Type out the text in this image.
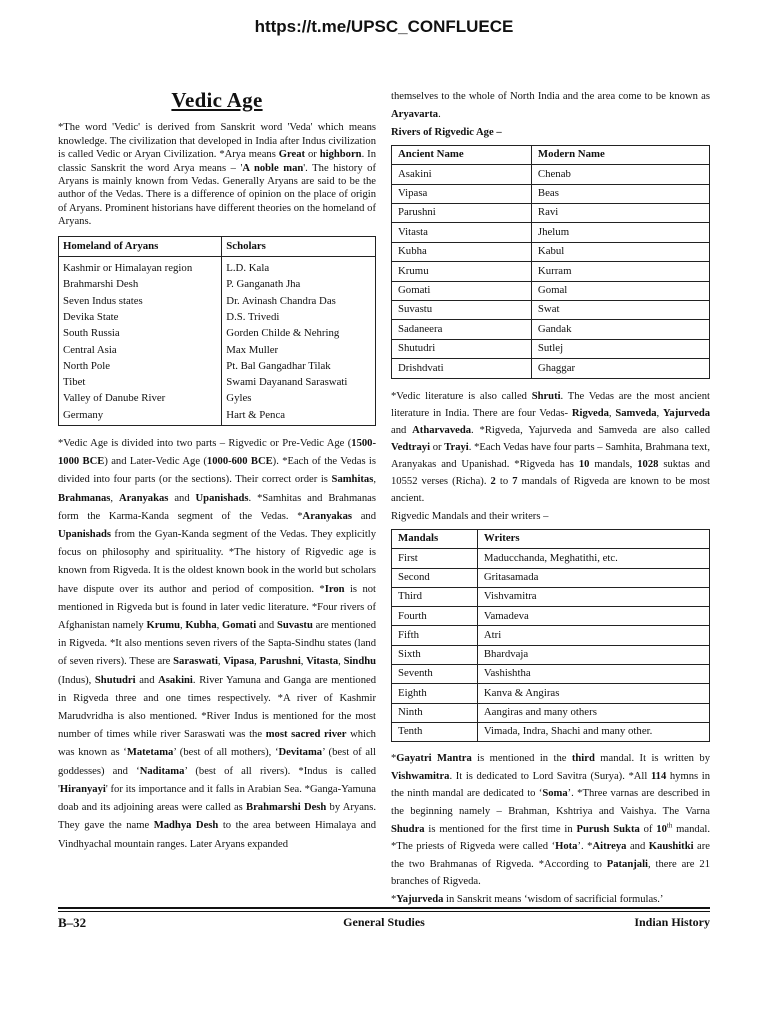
https://t.me/UPSC_CONFLUECE
Vedic Age

*The word 'Vedic' is derived from Sanskrit word 'Veda' which means knowledge. The civilization that developed in India after Indus civilization is called Vedic or Aryan Civilization. *Arya means Great or highborn. In classic Sanskrit the word Arya means – 'A noble man'. The history of Aryans is mainly known from Vedas. Generally Aryans are said to be the author of the Vedas. There is a difference of opinion on the place of origin of Aryans. Prominent historians have different theories on the homeland of Aryans.

Homeland of Aryans	Scholars
Kashmir or Himalayan region	L.D. Kala
Brahmarshi Desh	P. Ganganath Jha
Seven Indus states	Dr. Avinash Chandra Das
Devika State	D.S. Trivedi
South Russia	Gorden Childe & Nehring
Central Asia	Max Muller
North Pole	Pt. Bal Gangadhar Tilak
Tibet	Swami Dayanand Saraswati
Valley of Danube River	Gyles
Germany	Hart & Penca

*Vedic Age is divided into two parts – Rigvedic or Pre-Vedic Age (1500-1000 BCE) and Later-Vedic Age (1000-600 BCE). *Each of the Vedas is divided into four parts (or the sections). Their correct order is Samhitas, Brahmanas, Aranyakas and Upanishads. *Samhitas and Brahmanas form the Karma-Kanda segment of the Vedas. *Aranyakas and Upanishads from the Gyan-Kanda segment of the Vedas. They explicitly focus on philosophy and spirituality. *The history of Rigvedic age is known from Rigveda. It is the oldest known book in the world but scholars have dispute over its author and period of composition. *Iron is not mentioned in Rigveda but is found in later vedic literature. *Four rivers of Afghanistan namely Krumu, Kubha, Gomati and Suvastu are mentioned in Rigveda. *It also mentions seven rivers of the Sapta-Sindhu states (land of seven rivers). These are Saraswati, Vipasa, Parushni, Vitasta, Sindhu (Indus), Shutudri and Asakini. River Yamuna and Ganga are mentioned in Rigveda three and one times respectively. *A river of Kashmir Marudvridha is also mentioned. *River Indus is mentioned for the most number of times while river Saraswati was the most sacred river which was known as ‘Matetama’ (best of all mothers), ‘Devitama’ (best of all goddesses) and ‘Naditama’ (best of all rivers). *Indus is called 'Hiranyayi' for its importance and it falls in Arabian Sea. *Ganga-Yamuna doab and its adjoining areas were called as Brahmarshi Desh by Aryans. They gave the name Madhya Desh to the area between Himalaya and Vindhyachal mountain ranges. Later Aryans expanded

themselves to the whole of North India and the area come to be known as Aryavarta.

Rivers of Rigvedic Age –

Ancient Name	Modern Name
Asakini	Chenab
Vipasa	Beas
Parushni	Ravi
Vitasta	Jhelum
Kubha	Kabul
Krumu	Kurram
Gomati	Gomal
Suvastu	Swat
Sadaneera	Gandak
Shutudri	Sutlej
Drishdvati	Ghaggar

*Vedic literature is also called Shruti. The Vedas are the most ancient literature in India. There are four Vedas- Rigveda, Samveda, Yajurveda and Atharvaveda. *Rigveda, Yajurveda and Samveda are also called Vedtrayi or Trayi. *Each Vedas have four parts – Samhita, Brahmana text, Aranyakas and Upanishad. *Rigveda has 10 mandals, 1028 suktas and 10552 verses (Richa). 2 to 7 mandals of Rigveda are known to be most ancient.

Rigvedic Mandals and their writers –

Mandals	Writers
First	Maducchanda, Meghatithi, etc.
Second	Gritasamada
Third	Vishvamitra
Fourth	Vamadeva
Fifth	Atri
Sixth	Bhardvaja
Seventh	Vashishtha
Eighth	Kanva & Angiras
Ninth	Aangiras and many others
Tenth	Vimada, Indra, Shachi and many other.

*Gayatri Mantra is mentioned in the third mandal. It is written by Vishwamitra. It is dedicated to Lord Savitra (Surya). *All 114 hymns in the ninth mandal are dedicated to ‘Soma’. *Three varnas are described in the beginning namely – Brahman, Kshtriya and Vaishya. The Varna Shudra is mentioned for the first time in Purush Sukta of 10th mandal. *The priests of Rigveda were called ‘Hota’. *Aitreya and Kaushitki are the two Brahmanas of Rigveda. *According to Patanjali, there are 21 branches of Rigveda.

*Yajurveda in Sanskrit means ‘wisdom of sacrificial formulas.’

B–32	General Studies	Indian History
